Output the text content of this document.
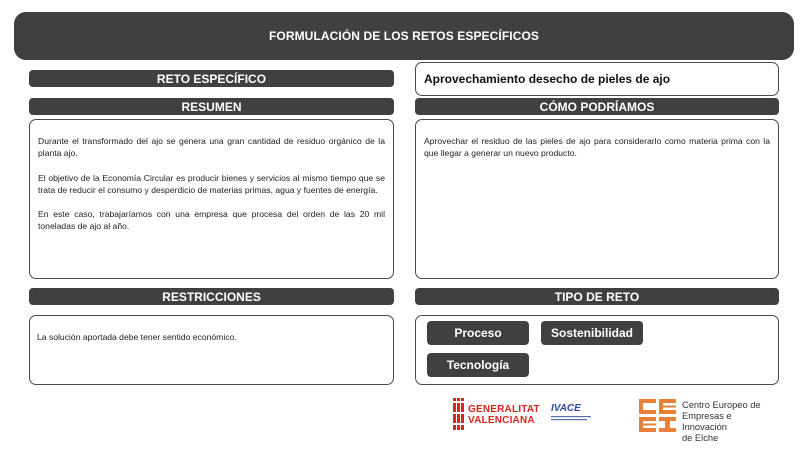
FORMULACIÓN DE LOS RETOS ESPECÍFICOS
RETO ESPECÍFICO	Aprovechamiento desecho de pieles de ajo
RESUMEN

Durante el transformado del ajo se genera una gran cantidad de residuo orgánico de la planta ajo.

El objetivo de la Economía Circular es producir bienes y servicios al mismo tiempo que se trata de reducir el consumo y desperdicio de materias primas, agua y fuentes de energía.

En este caso, trabajaríamos con una empresa que procesa del orden de las 20 mil toneladas de ajo al año.

CÓMO PODRÍAMOS
Aprovechar el residuo de las pieles de ajo para considerarlo como materia prima con la que llegar a generar un nuevo producto.
RESTRICCIONES
La solución aportada debe tener sentido económico.
TIPO DE RETO
Proceso	Sostenibilidad
Tecnología
GENERALITAT
VALENCIANA
IVACE	Centro Europeo de
Empresas e Innovación
de Elche
